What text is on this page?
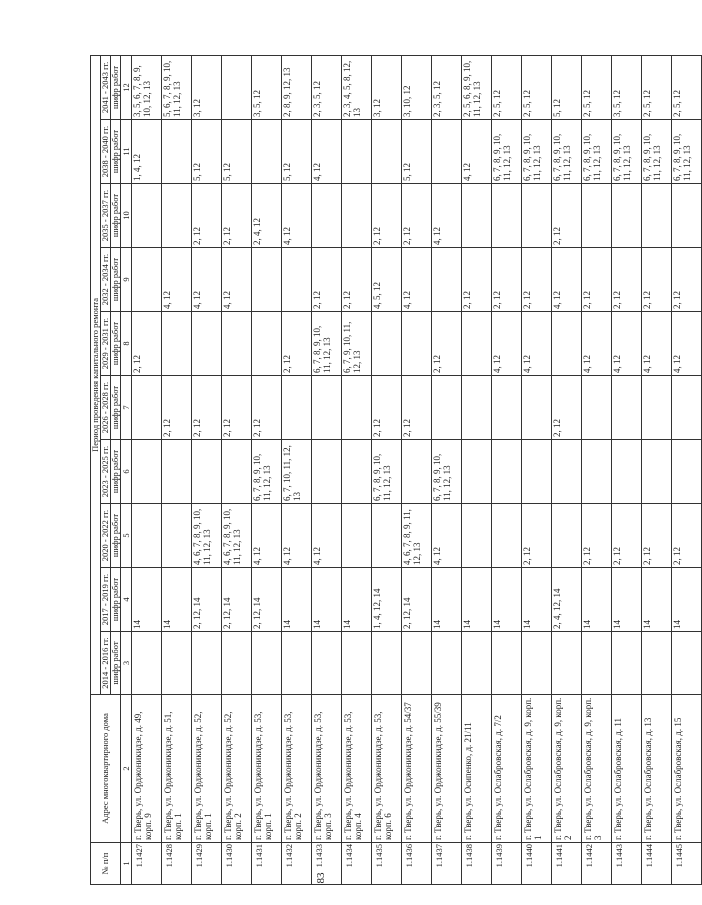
83
№ п/п	Адрес многоквартирного дома	Период проведения капитального ремонта									
		2014 - 2016 гг.	2017 - 2019 гг.	2020 - 2022 гг.	2023 - 2025 гг.	2026 - 2028 гг.	2029 - 2031 гг.	2032 - 2034 гг.	2035 - 2037 гг.	2038 - 2040 гг.	2041 - 2043 гг.
		шифр работ	шифр работ	шифр работ	шифр работ	шифр работ	шифр работ	шифр работ	шифр работ	шифр работ	шифр работ
1	2	3	4	5	6	7	8	9	10	11	12
1.1427	г. Тверь, ул. Орджоникидзе, д. 49, корп. 9		14				2, 12			1, 4, 12	3, 5, 6, 7, 8, 9, 10, 12, 13
1.1428	г. Тверь, ул. Орджоникидзе, д. 51, корп. 1		14			2, 12		4, 12			5, 6, 7, 8, 9, 10, 11, 12, 13
1.1429	г. Тверь, ул. Орджоникидзе, д. 52, корп. 1		2, 12, 14	4, 6, 7, 8, 9, 10, 11, 12, 13		2, 12		4, 12	2, 12	5, 12	3, 12
1.1430	г. Тверь, ул. Орджоникидзе, д. 52, корп. 2		2, 12, 14	4, 6, 7, 8, 9, 10, 11, 12, 13		2, 12		4, 12	2, 12	5, 12	
1.1431	г. Тверь, ул. Орджоникидзе, д. 53, корп. 1		2, 12, 14	4, 12	6, 7, 8, 9, 10, 11, 12, 13	2, 12			2, 4, 12		3, 5, 12
1.1432	г. Тверь, ул. Орджоникидзе, д. 53, корп. 2		14	4, 12	6, 7, 10, 11, 12, 13		2, 12		4, 12	5, 12	2, 8, 9, 12, 13
1.1433	г. Тверь, ул. Орджоникидзе, д. 53, корп. 3		14	4, 12			6, 7, 8, 9, 10, 11, 12, 13	2, 12		4, 12	2, 3, 5, 12
1.1434	г. Тверь, ул. Орджоникидзе, д. 53, корп. 4		14				6, 7, 9, 10, 11, 12, 13	2, 12			2, 3, 4, 5, 8, 12, 13
1.1435	г. Тверь, ул. Орджоникидзе, д. 53, корп. 6		1, 4, 12, 14		6, 7, 8, 9, 10, 11, 12, 13	2, 12		4, 5, 12	2, 12		3, 12
1.1436	г. Тверь, ул. Орджоникидзе, д. 54/37		2, 12, 14	4, 6, 7, 8, 9, 11, 12, 13		2, 12		4, 12	2, 12	5, 12	3, 10, 12
1.1437	г. Тверь, ул. Орджоникидзе, д. 55/39		14	4, 12	6, 7, 8, 9, 10, 11, 12, 13		2, 12		4, 12		2, 3, 5, 12
1.1438	г. Тверь, ул. Осипенко, д. 21/11		14					2, 12		4, 12	2, 5, 6, 8, 9, 10, 11, 12, 13
1.1439	г. Тверь, ул. Ослабровская, д. 7/2		14				4, 12	2, 12		6, 7, 8, 9, 10, 11, 12, 13	2, 5, 12
1.1440	г. Тверь, ул. Ослабровская, д. 9, корп. 1		14	2, 12			4, 12	2, 12		6, 7, 8, 9, 10, 11, 12, 13	2, 5, 12
1.1441	г. Тверь, ул. Ослабровская, д. 9, корп. 2		2, 4, 12, 14			2, 12		4, 12	2, 12	6, 7, 8, 9, 10, 11, 12, 13	5, 12
1.1442	г. Тверь, ул. Ослабровская, д. 9, корп. 3		14	2, 12			4, 12	2, 12		6, 7, 8, 9, 10, 11, 12, 13	2, 5, 12
1.1443	г. Тверь, ул. Ослабровская, д. 11		14	2, 12			4, 12	2, 12		6, 7, 8, 9, 10, 11, 12, 13	3, 5, 12
1.1444	г. Тверь, ул. Ослабровская, д. 13		14	2, 12			4, 12	2, 12		6, 7, 8, 9, 10, 11, 12, 13	2, 5, 12
1.1445	г. Тверь, ул. Ослабровская, д. 15		14	2, 12			4, 12	2, 12		6, 7, 8, 9, 10, 11, 12, 13	2, 5, 12
